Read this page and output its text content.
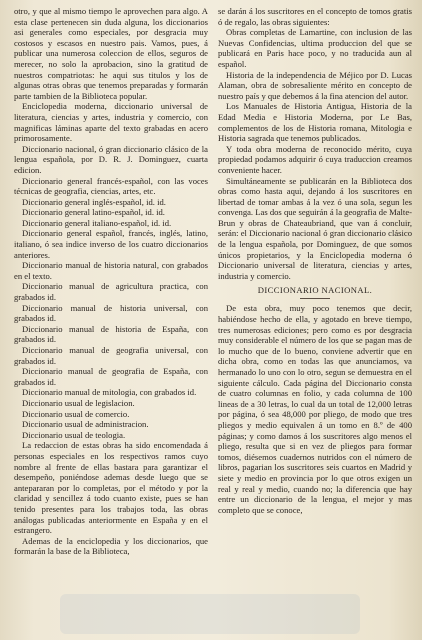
otro, y que al mismo tiempo le aprovechen para algo. A esta clase pertenecen sin duda alguna, los diccionarios asi generales como especiales, por desgracia muy costosos y escasos en nuestro pais. Vamos, pues, á publicar una numerosa coleccion de ellos, seguros de merecer, no solo la aprobacion, sino la gratitud de nuestros compatriotas: he aqui sus titulos y los de algunas otras obras que tenemos preparadas y formarán parte tambien de la Biblioteca popular.

Enciclopedia moderna, diccionario universal de literatura, ciencias y artes, industria y comercio, con magnificas láminas aparte del texto grabadas en acero primorosamente.

Diccionario nacional, ó gran diccionario clásico de la lengua española, por D. R. J. Dominguez, cuarta edicion.

Diccionario general francés-español, con las voces técnicas de geografia, ciencias, artes, etc.

Diccionario general inglés-español, id. id.

Diccionario general latino-español, id. id.

Diccionario general italiano-español, id. id.

Diccionario general español, francés, inglés, latino, italiano, ó sea indice inverso de los cuatro diccionarios anteriores.

Diccionario manual de historia natural, con grabados en el texto.

Diccionario manual de agricultura practica, con grabados id.

Diccionario manual de historia universal, con grabados id.

Diccionario manual de historia de España, con grabados id.

Diccionario manual de geografia universal, con grabados id.

Diccionario manual de geografia de España, con grabados id.

Diccionario manual de mitologia, con grabados id.

Diccionario usual de legislacion.

Diccionario usual de comercio.

Diccionario usual de administracion.

Diccionario usual de teologia.

La redaccion de estas obras ha sido encomendada á personas especiales en los respectivos ramos cuyo nombre al frente de ellas bastara para garantizar el desempeño, poniéndose ademas desde luego que se antepararan por lo completas, por el método y por la claridad y sencillez á todo cuanto existe, pues se han tenido presentes para los trabajos toda, las obras análogas publicadas anteriormente en España y en el estrangero.

Ademas de la enciclopedia y los diccionarios, que formarán la base de la Biblioteca,

se darán á los suscritores en el concepto de tomos gratis ó de regalo, las obras siguientes:

Obras completas de Lamartine, con inclusion de las Nuevas Confidencias, ultima produccion del que se publicará en Paris hace poco, y no traducida aun al español.

Historia de la independencia de Méjico por D. Lucas Alaman, obra de sobresaliente mérito en concepto de nuestro país y que debemos á la fina atencion del autor.

Los Manuales de Historia Antigua, Historia de la Edad Media e Historia Moderna, por Le Bas, complementos de los de Historia romana, Mitologia e Historia sagrada que tenemos publicados.

Y toda obra moderna de reconocido mérito, cuya propiedad podamos adquirir ó cuya traduccion creamos conveniente hacer.

Simultáneamente se publicarán en la Biblioteca dos obras como hasta aqui, dejando á los suscritores en libertad de tomar ambas á la vez ó una sola, segun les convenga. Las dos que seguirán á la geografia de Malte-Brun y obras de Chateaubriand, que van á concluir, serán: el Diccionario nacional ó gran diccionario clásico de la lengua española, por Dominguez, de que somos únicos propietarios, y la Enciclopedia moderna ó Diccionario universal de literatura, ciencias y artes, industria y comercio.

DICCIONARIO NACIONAL.

De esta obra, muy poco tenemos que decir, habiéndose hecho de ella, y agotado en breve tiempo, tres numerosas ediciones; pero como es por desgracia muy considerable el número de los que se pagan mas de lo mucho que de lo bueno, conviene advertir que en dicha obra, como en todas las que anunciamos, va hermanado lo uno con lo otro, segun se demuestra en el siguiente cálculo. Cada página del Diccionario consta de cuatro columnas en folio, y cada columna de 100 lineas de a 30 letras, lo cual da un total de 12,000 letras por página, ó sea 48,000 por pliego, de modo que tres pliegos y medio equivalen á un tomo en 8.º de 400 páginas; y como damos á los suscritores algo menos el pliego, resulta que si en vez de pliegos para formar tomos, diésemos cuadernos nutridos con el número de libros, pagarian los suscritores seis cuartos en Madrid y siete y medio en provincia por lo que otros exigen un real y real y medio, cuando no; la diferencia que hay entre un diccionario de la lengua, el mejor y mas completo que se conoce,
